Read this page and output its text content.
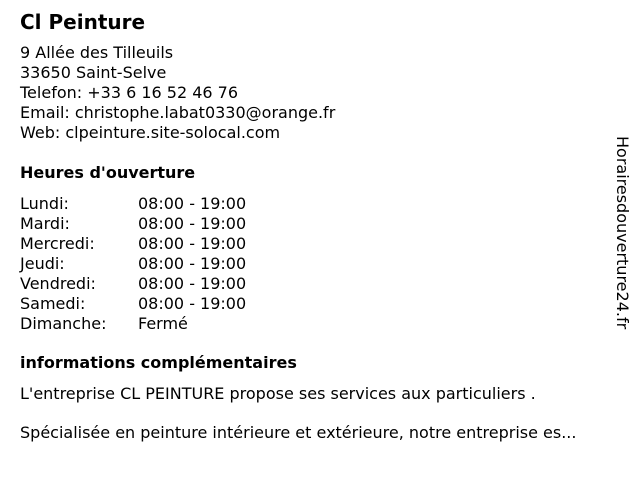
Cl Peinture
9 Allée des Tilleuils
33650 Saint-Selve
Telefon: +33 6 16 52 46 76
Email: christophe.labat0330@orange.fr
Web: clpeinture.site-solocal.com
Heures d'ouverture
Lundi:	08:00 - 19:00
Mardi:	08:00 - 19:00
Mercredi:	08:00 - 19:00
Jeudi:	08:00 - 19:00
Vendredi:	08:00 - 19:00
Samedi:	08:00 - 19:00
Dimanche: Fermé
informations complémentaires
L'entreprise CL PEINTURE propose ses services aux particuliers .
Spécialisée en peinture intérieure et extérieure, notre entreprise es...
Horairesdouverture24.fr
